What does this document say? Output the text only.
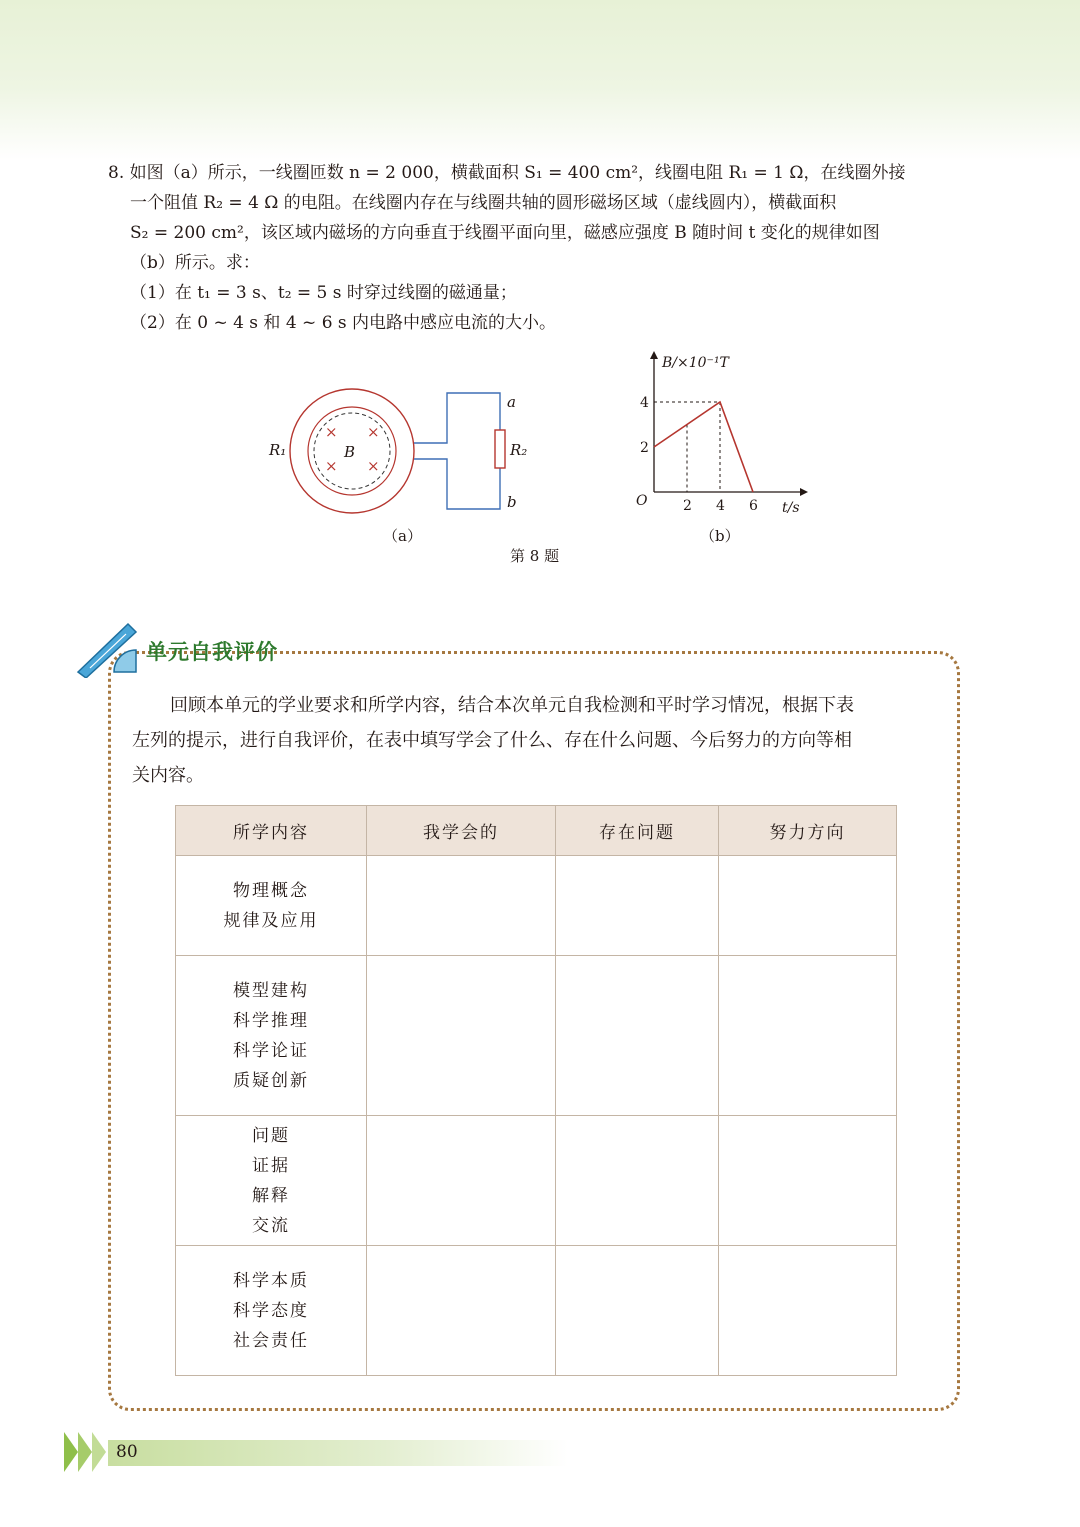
8. 如图（a）所示，一线圈匝数 n = 2 000，横截面积 S₁ = 400 cm²，线圈电阻 R₁ = 1 Ω，在线圈外接

一个阻值 R₂ = 4 Ω 的电阻。在线圈内存在与线圈共轴的圆形磁场区域（虚线圆内），横截面积

S₂ = 200 cm²，该区域内磁场的方向垂直于线圈平面向里，磁感应强度 B 随时间 t 变化的规律如图

（b）所示。求：

（1）在 t₁ = 3 s、t₂ = 5 s 时穿过线圈的磁通量；

（2）在 0 ~ 4 s 和 4 ~ 6 s 内电路中感应电流的大小。

R₁	B
× ×
× ×
a
b
R₂
（a）
B/×10⁻¹T
t/s
O	2 4 6
2
4
（b）
第 8 题
单元自我评价

回顾本单元的学业要求和所学内容，结合本次单元自我检测和平时学习情况，根据下表

左列的提示，进行自我评价，在表中填写学会了什么、存在什么问题、今后努力的方向等相

关内容。

所学内容	我学会的	存在问题	努力方向

物理概念
规律及应用			

模型建构
科学推理
科学论证
质疑创新			

问题
证据
解释
交流			

科学本质
科学态度
社会责任			

80
